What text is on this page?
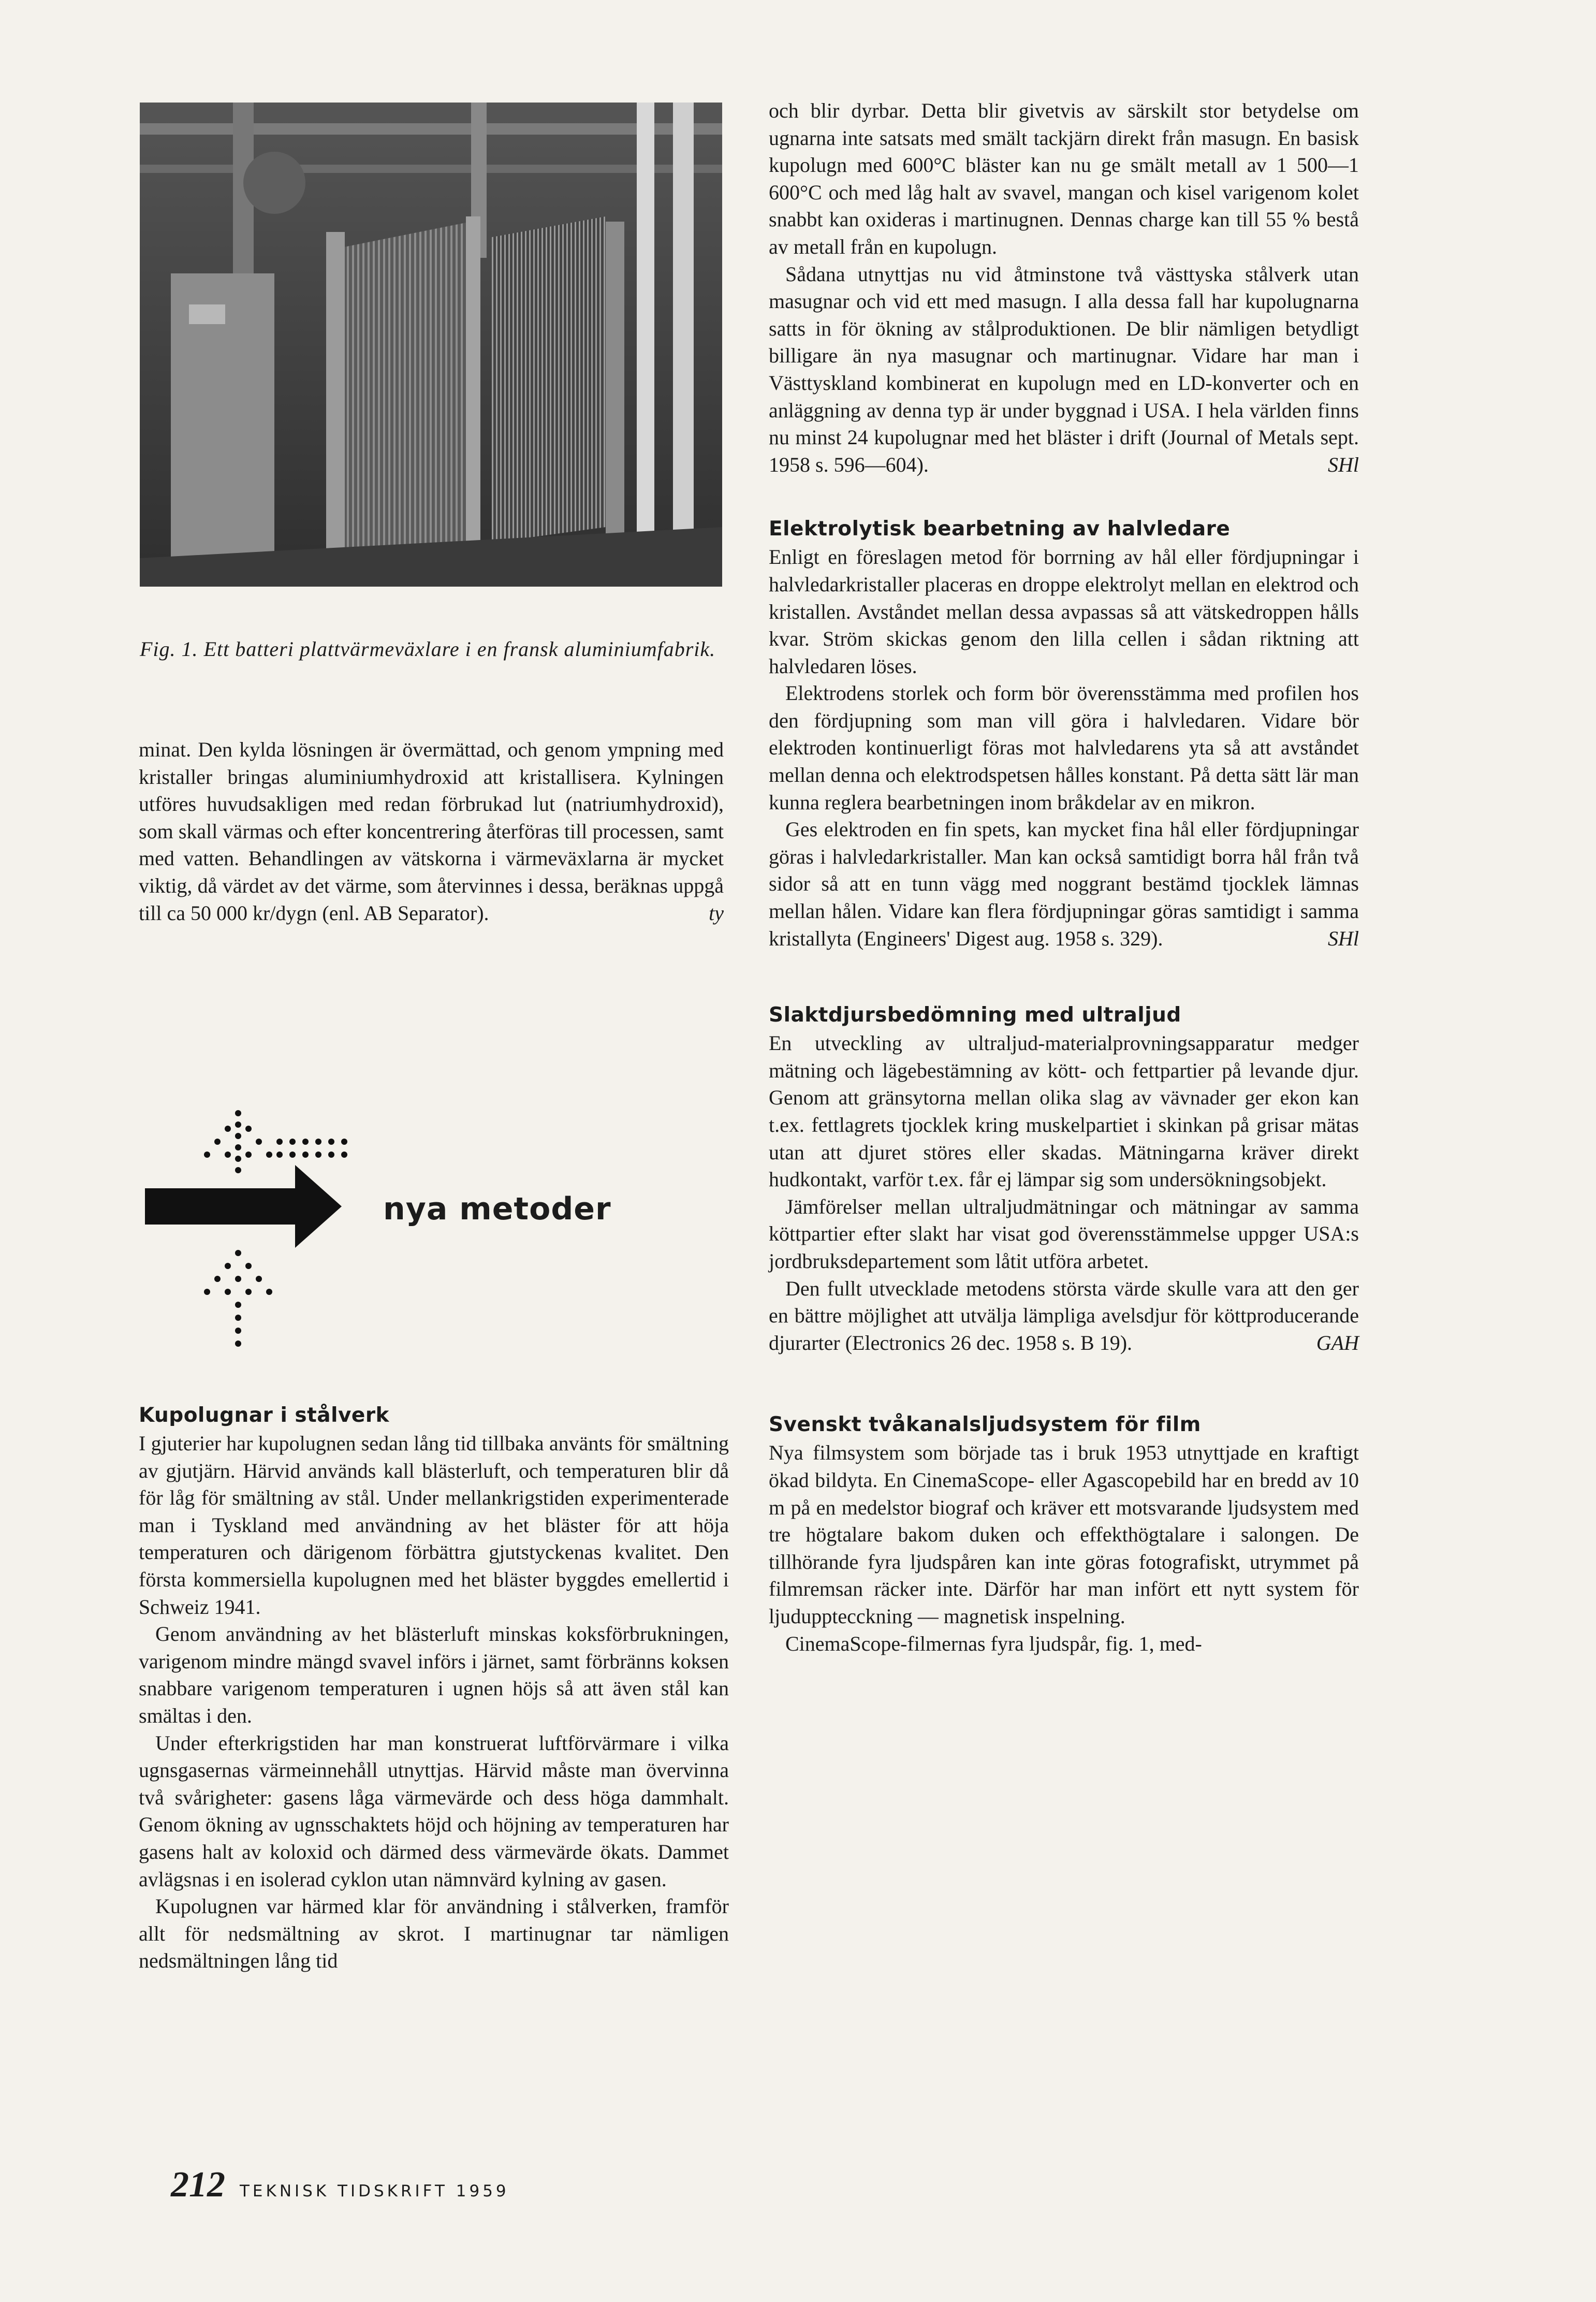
Fig. 1. Ett batteri plattvärmeväxlare i en fransk aluminiumfabrik.

minat. Den kylda lösningen är övermättad, och genom ympning med kristaller bringas aluminiumhydroxid att kristallisera. Kylningen utföres huvudsakligen med redan förbrukad lut (natriumhydroxid), som skall värmas och efter koncentrering återföras till processen, samt med vatten. Behandlingen av vätskorna i värmeväxlarna är mycket viktig, då värdet av det värme, som återvinnes i dessa, beräknas uppgå till ca 50 000 kr/dygn (enl. AB Separator).	ty

nya metoder
Kupolugnar i stålverk

I gjuterier har kupolugnen sedan lång tid tillbaka använts för smältning av gjutjärn. Härvid används kall blästerluft, och temperaturen blir då för låg för smältning av stål. Under mellankrigstiden experimenterade man i Tyskland med användning av het bläster för att höja temperaturen och därigenom förbättra gjutstyckenas kvalitet. Den första kommersiella kupolugnen med het bläster byggdes emellertid i Schweiz 1941.

Genom användning av het blästerluft minskas koksförbrukningen, varigenom mindre mängd svavel införs i järnet, samt förbränns koksen snabbare varigenom temperaturen i ugnen höjs så att även stål kan smältas i den.

Under efterkrigstiden har man konstruerat luftförvärmare i vilka ugnsgasernas värmeinnehåll utnyttjas. Härvid måste man övervinna två svårigheter: gasens låga värmevärde och dess höga dammhalt. Genom ökning av ugnsschaktets höjd och höjning av temperaturen har gasens halt av koloxid och därmed dess värmevärde ökats. Dammet avlägsnas i en isolerad cyklon utan nämnvärd kylning av gasen.

Kupolugnen var härmed klar för användning i stålverken, framför allt för nedsmältning av skrot. I martinugnar tar nämligen nedsmältningen lång tid

och blir dyrbar. Detta blir givetvis av särskilt stor betydelse om ugnarna inte satsats med smält tackjärn direkt från masugn. En basisk kupolugn med 600°C bläster kan nu ge smält metall av 1 500—1 600°C och med låg halt av svavel, mangan och kisel varigenom kolet snabbt kan oxideras i martinugnen. Dennas charge kan till 55 % bestå av metall från en kupolugn.

Sådana utnyttjas nu vid åtminstone två västtyska stålverk utan masugnar och vid ett med masugn. I alla dessa fall har kupolugnarna satts in för ökning av stålproduktionen. De blir nämligen betydligt billigare än nya masugnar och martinugnar. Vidare har man i Västtyskland kombinerat en kupolugn med en LD-konverter och en anläggning av denna typ är under byggnad i USA. I hela världen finns nu minst 24 kupolugnar med het bläster i drift (Journal of Metals sept. 1958 s. 596—604).	SHl

Elektrolytisk bearbetning av halvledare

Enligt en föreslagen metod för borrning av hål eller fördjupningar i halvledarkristaller placeras en droppe elektrolyt mellan en elektrod och kristallen. Avståndet mellan dessa avpassas så att vätskedroppen hålls kvar. Ström skickas genom den lilla cellen i sådan riktning att halvledaren löses.

Elektrodens storlek och form bör överensstämma med profilen hos den fördjupning som man vill göra i halvledaren. Vidare bör elektroden kontinuerligt föras mot halvledarens yta så att avståndet mellan denna och elektrodspetsen hålles konstant. På detta sätt lär man kunna reglera bearbetningen inom bråkdelar av en mikron.

Ges elektroden en fin spets, kan mycket fina hål eller fördjupningar göras i halvledarkristaller. Man kan också samtidigt borra hål från två sidor så att en tunn vägg med noggrant bestämd tjocklek lämnas mellan hålen. Vidare kan flera fördjupningar göras samtidigt i samma kristallyta (Engineers' Digest aug. 1958 s. 329).	SHl

Slaktdjursbedömning med ultraljud

En utveckling av ultraljud-materialprovningsapparatur medger mätning och lägebestämning av kött- och fettpartier på levande djur. Genom att gränsytorna mellan olika slag av vävnader ger ekon kan t.ex. fettlagrets tjocklek kring muskelpartiet i skinkan på grisar mätas utan att djuret störes eller skadas. Mätningarna kräver direkt hudkontakt, varför t.ex. får ej lämpar sig som undersökningsobjekt.

Jämförelser mellan ultraljudmätningar och mätningar av samma köttpartier efter slakt har visat god överensstämmelse uppger USA:s jordbruksdepartement som låtit utföra arbetet.

Den fullt utvecklade metodens största värde skulle vara att den ger en bättre möjlighet att utvälja lämpliga avelsdjur för köttproducerande djurarter (Electronics 26 dec. 1958 s. B 19).	GAH

Svenskt tvåkanalsljudsystem för film

Nya filmsystem som började tas i bruk 1953 utnyttjade en kraftigt ökad bildyta. En CinemaScope- eller Agascopebild har en bredd av 10 m på en medelstor biograf och kräver ett motsvarande ljudsystem med tre högtalare bakom duken och effekthögtalare i salongen. De tillhörande fyra ljudspåren kan inte göras fotografiskt, utrymmet på filmremsan räcker inte. Därför har man infört ett nytt system för ljudupptecckning — magnetisk inspelning.

CinemaScope-filmernas fyra ljudspår, fig. 1, med-

212 TEKNISK TIDSKRIFT 1959
